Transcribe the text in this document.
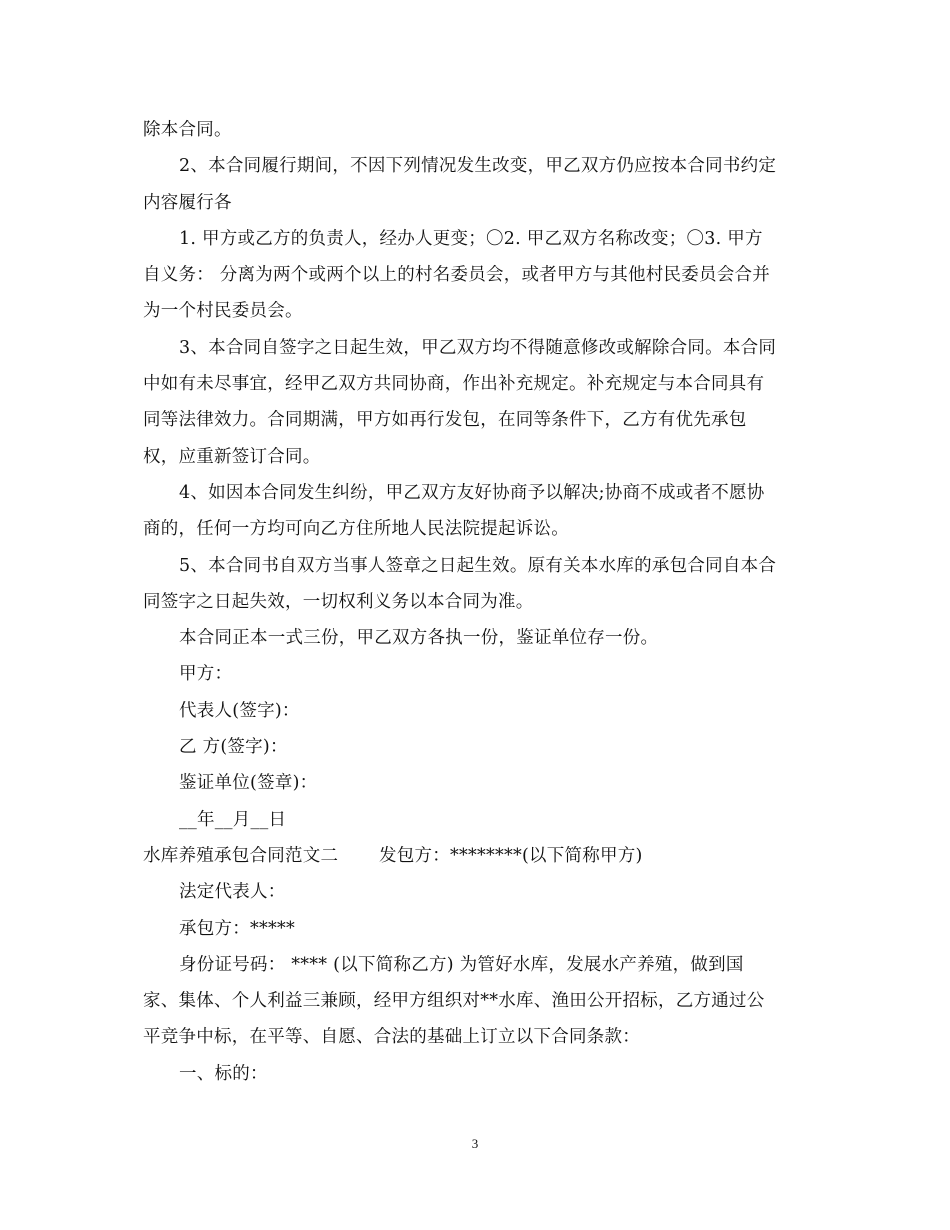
除本合同。
2、本合同履行期间，不因下列情况发生改变，甲乙双方仍应按本合同书约定
内容履行各
1. 甲方或乙方的负责人，经办人更变；〇2. 甲乙双方名称改变；〇3. 甲方
自义务： 分离为两个或两个以上的村名委员会，或者甲方与其他村民委员会合并
为一个村民委员会。
3、本合同自签字之日起生效，甲乙双方均不得随意修改或解除合同。本合同
中如有未尽事宜，经甲乙双方共同协商，作出补充规定。补充规定与本合同具有
同等法律效力。合同期满，甲方如再行发包，在同等条件下，乙方有优先承包
权，应重新签订合同。
4、如因本合同发生纠纷，甲乙双方友好协商予以解决;协商不成或者不愿协
商的，任何一方均可向乙方住所地人民法院提起诉讼。
5、本合同书自双方当事人签章之日起生效。原有关本水库的承包合同自本合
同签字之日起失效，一切权利义务以本合同为准。
本合同正本一式三份，甲乙双方各执一份，鉴证单位存一份。
甲方：
代表人(签字)：
乙 方(签字)：
鉴证单位(签章)：
__年__月__日
水库养殖承包合同范文二       发包方：********(以下简称甲方)
法定代表人：
承包方：*****
身份证号码： **** (以下简称乙方) 为管好水库，发展水产养殖，做到国
家、集体、个人利益三兼顾，经甲方组织对**水库、渔田公开招标，乙方通过公
平竞争中标，在平等、自愿、合法的基础上订立以下合同条款：
一、标的：
3
